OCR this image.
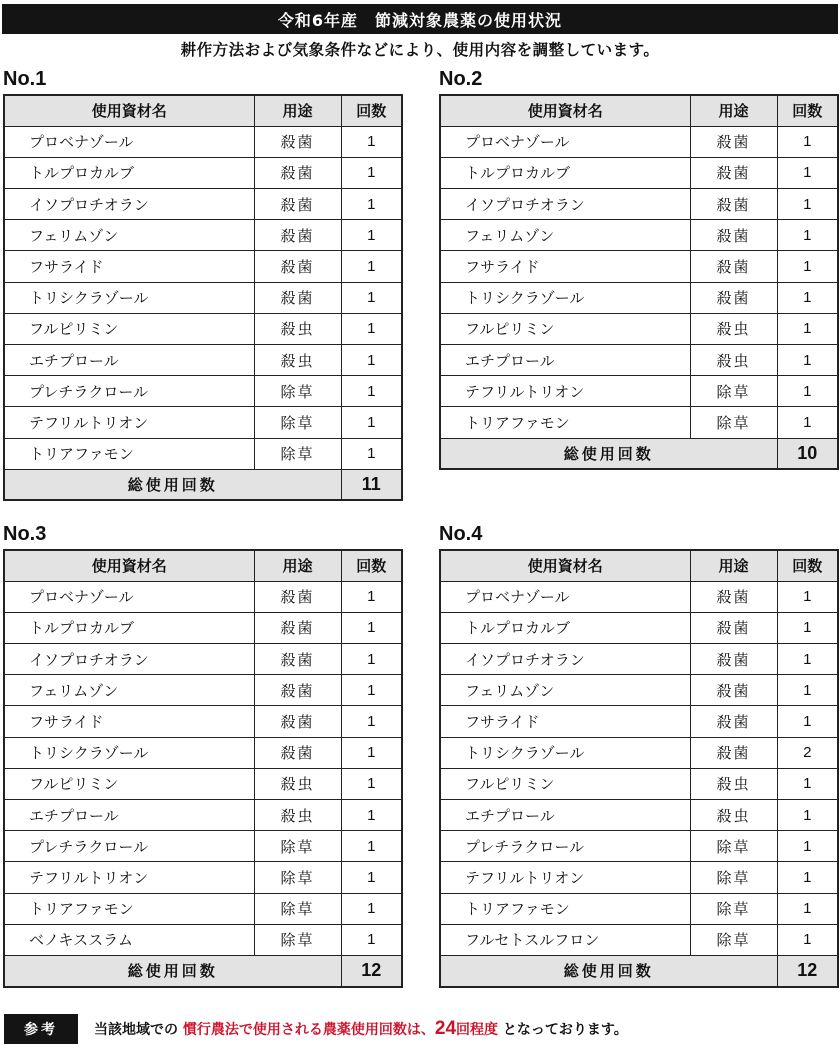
令和6年産　節減対象農薬の使用状況
耕作方法および気象条件などにより、使用内容を調整しています。
No.1
使用資材名	用途	回数
プロベナゾール	殺菌	1
トルプロカルブ	殺菌	1
イソプロチオラン	殺菌	1
フェリムゾン	殺菌	1
フサライド	殺菌	1
トリシクラゾール	殺菌	1
フルピリミン	殺虫	1
エチプロール	殺虫	1
プレチラクロール	除草	1
テフリルトリオン	除草	1
トリアファモン	除草	1
総使用回数		11
No.2
使用資材名	用途	回数
プロベナゾール	殺菌	1
トルプロカルブ	殺菌	1
イソプロチオラン	殺菌	1
フェリムゾン	殺菌	1
フサライド	殺菌	1
トリシクラゾール	殺菌	1
フルピリミン	殺虫	1
エチプロール	殺虫	1
テフリルトリオン	除草	1
トリアファモン	除草	1
総使用回数		10
No.3
使用資材名	用途	回数
プロベナゾール	殺菌	1
トルプロカルブ	殺菌	1
イソプロチオラン	殺菌	1
フェリムゾン	殺菌	1
フサライド	殺菌	1
トリシクラゾール	殺菌	1
フルピリミン	殺虫	1
エチプロール	殺虫	1
プレチラクロール	除草	1
テフリルトリオン	除草	1
トリアファモン	除草	1
ベノキススラム	除草	1
総使用回数		12
No.4
使用資材名	用途	回数
プロベナゾール	殺菌	1
トルプロカルブ	殺菌	1
イソプロチオラン	殺菌	1
フェリムゾン	殺菌	1
フサライド	殺菌	1
トリシクラゾール	殺菌	2
フルピリミン	殺虫	1
エチプロール	殺虫	1
プレチラクロール	除草	1
テフリルトリオン	除草	1
トリアファモン	除草	1
フルセトスルフロン	除草	1
総使用回数		12
参考	当該地域での 慣行農法で使用される農薬使用回数は、24回程度 となっております。
